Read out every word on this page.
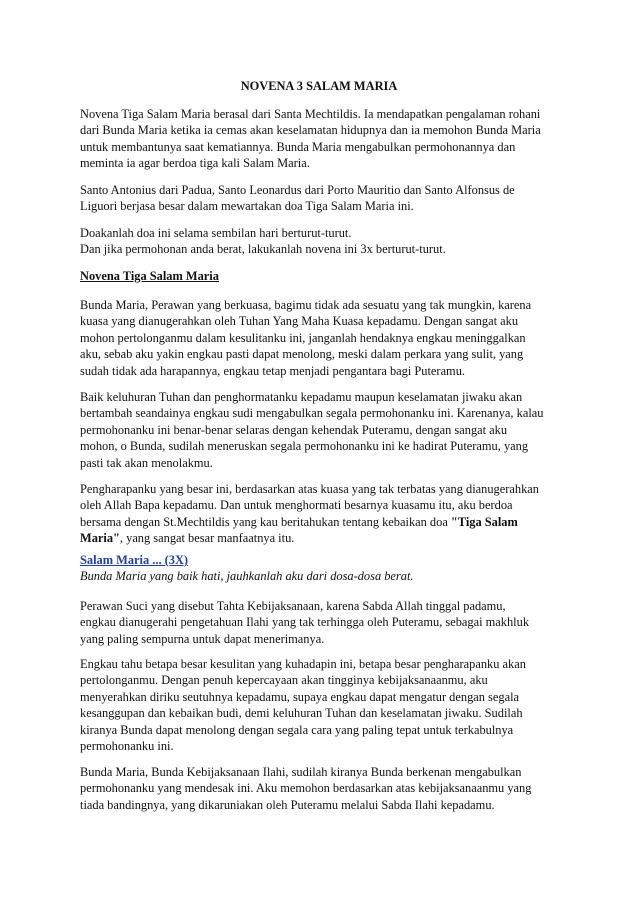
NOVENA 3 SALAM MARIA
Novena Tiga Salam Maria berasal dari Santa Mechtildis. Ia mendapatkan pengalaman rohani
dari Bunda Maria ketika ia cemas akan keselamatan hidupnya dan ia memohon Bunda Maria
untuk membantunya saat kematiannya. Bunda Maria mengabulkan permohonannya dan
meminta ia agar berdoa tiga kali Salam Maria.
Santo Antonius dari Padua, Santo Leonardus dari Porto Mauritio dan Santo Alfonsus de
Liguori berjasa besar dalam mewartakan doa Tiga Salam Maria ini.
Doakanlah doa ini selama sembilan hari berturut-turut.
Dan jika permohonan anda berat, lakukanlah novena ini 3x berturut-turut.
Novena Tiga Salam Maria
Bunda Maria, Perawan yang berkuasa, bagimu tidak ada sesuatu yang tak mungkin, karena
kuasa yang dianugerahkan oleh Tuhan Yang Maha Kuasa kepadamu. Dengan sangat aku
mohon pertolonganmu dalam kesulitanku ini, janganlah hendaknya engkau meninggalkan
aku, sebab aku yakin engkau pasti dapat menolong, meski dalam perkara yang sulit, yang
sudah tidak ada harapannya, engkau tetap menjadi pengantara bagi Puteramu.
Baik keluhuran Tuhan dan penghormatanku kepadamu maupun keselamatan jiwaku akan
bertambah seandainya engkau sudi mengabulkan segala permohonanku ini. Karenanya, kalau
permohonanku ini benar-benar selaras dengan kehendak Puteramu, dengan sangat aku
mohon, o Bunda, sudilah meneruskan segala permohonanku ini ke hadirat Puteramu, yang
pasti tak akan menolakmu.
Pengharapanku yang besar ini, berdasarkan atas kuasa yang tak terbatas yang dianugerahkan
oleh Allah Bapa kepadamu. Dan untuk menghormati besarnya kuasamu itu, aku berdoa
bersama dengan St.Mechtildis yang kau beritahukan tentang kebaikan doa "Tiga Salam
Maria", yang sangat besar manfaatnya itu.
Salam Maria ... (3X)
Bunda Maria yang baik hati, jauhkanlah aku dari dosa-dosa berat.
Perawan Suci yang disebut Tahta Kebijaksanaan, karena Sabda Allah tinggal padamu,
engkau dianugerahi pengetahuan Ilahi yang tak terhingga oleh Puteramu, sebagai makhluk
yang paling sempurna untuk dapat menerimanya.
Engkau tahu betapa besar kesulitan yang kuhadapin ini, betapa besar pengharapanku akan
pertolonganmu. Dengan penuh kepercayaan akan tingginya kebijaksanaanmu, aku
menyerahkan diriku seutuhnya kepadamu, supaya engkau dapat mengatur dengan segala
kesanggupan dan kebaikan budi, demi keluhuran Tuhan dan keselamatan jiwaku. Sudilah
kiranya Bunda dapat menolong dengan segala cara yang paling tepat untuk terkabulnya
permohonanku ini.
Bunda Maria, Bunda Kebijaksanaan Ilahi, sudilah kiranya Bunda berkenan mengabulkan
permohonanku yang mendesak ini. Aku memohon berdasarkan atas kebijaksanaanmu yang
tiada bandingnya, yang dikaruniakan oleh Puteramu melalui Sabda Ilahi kepadamu.
